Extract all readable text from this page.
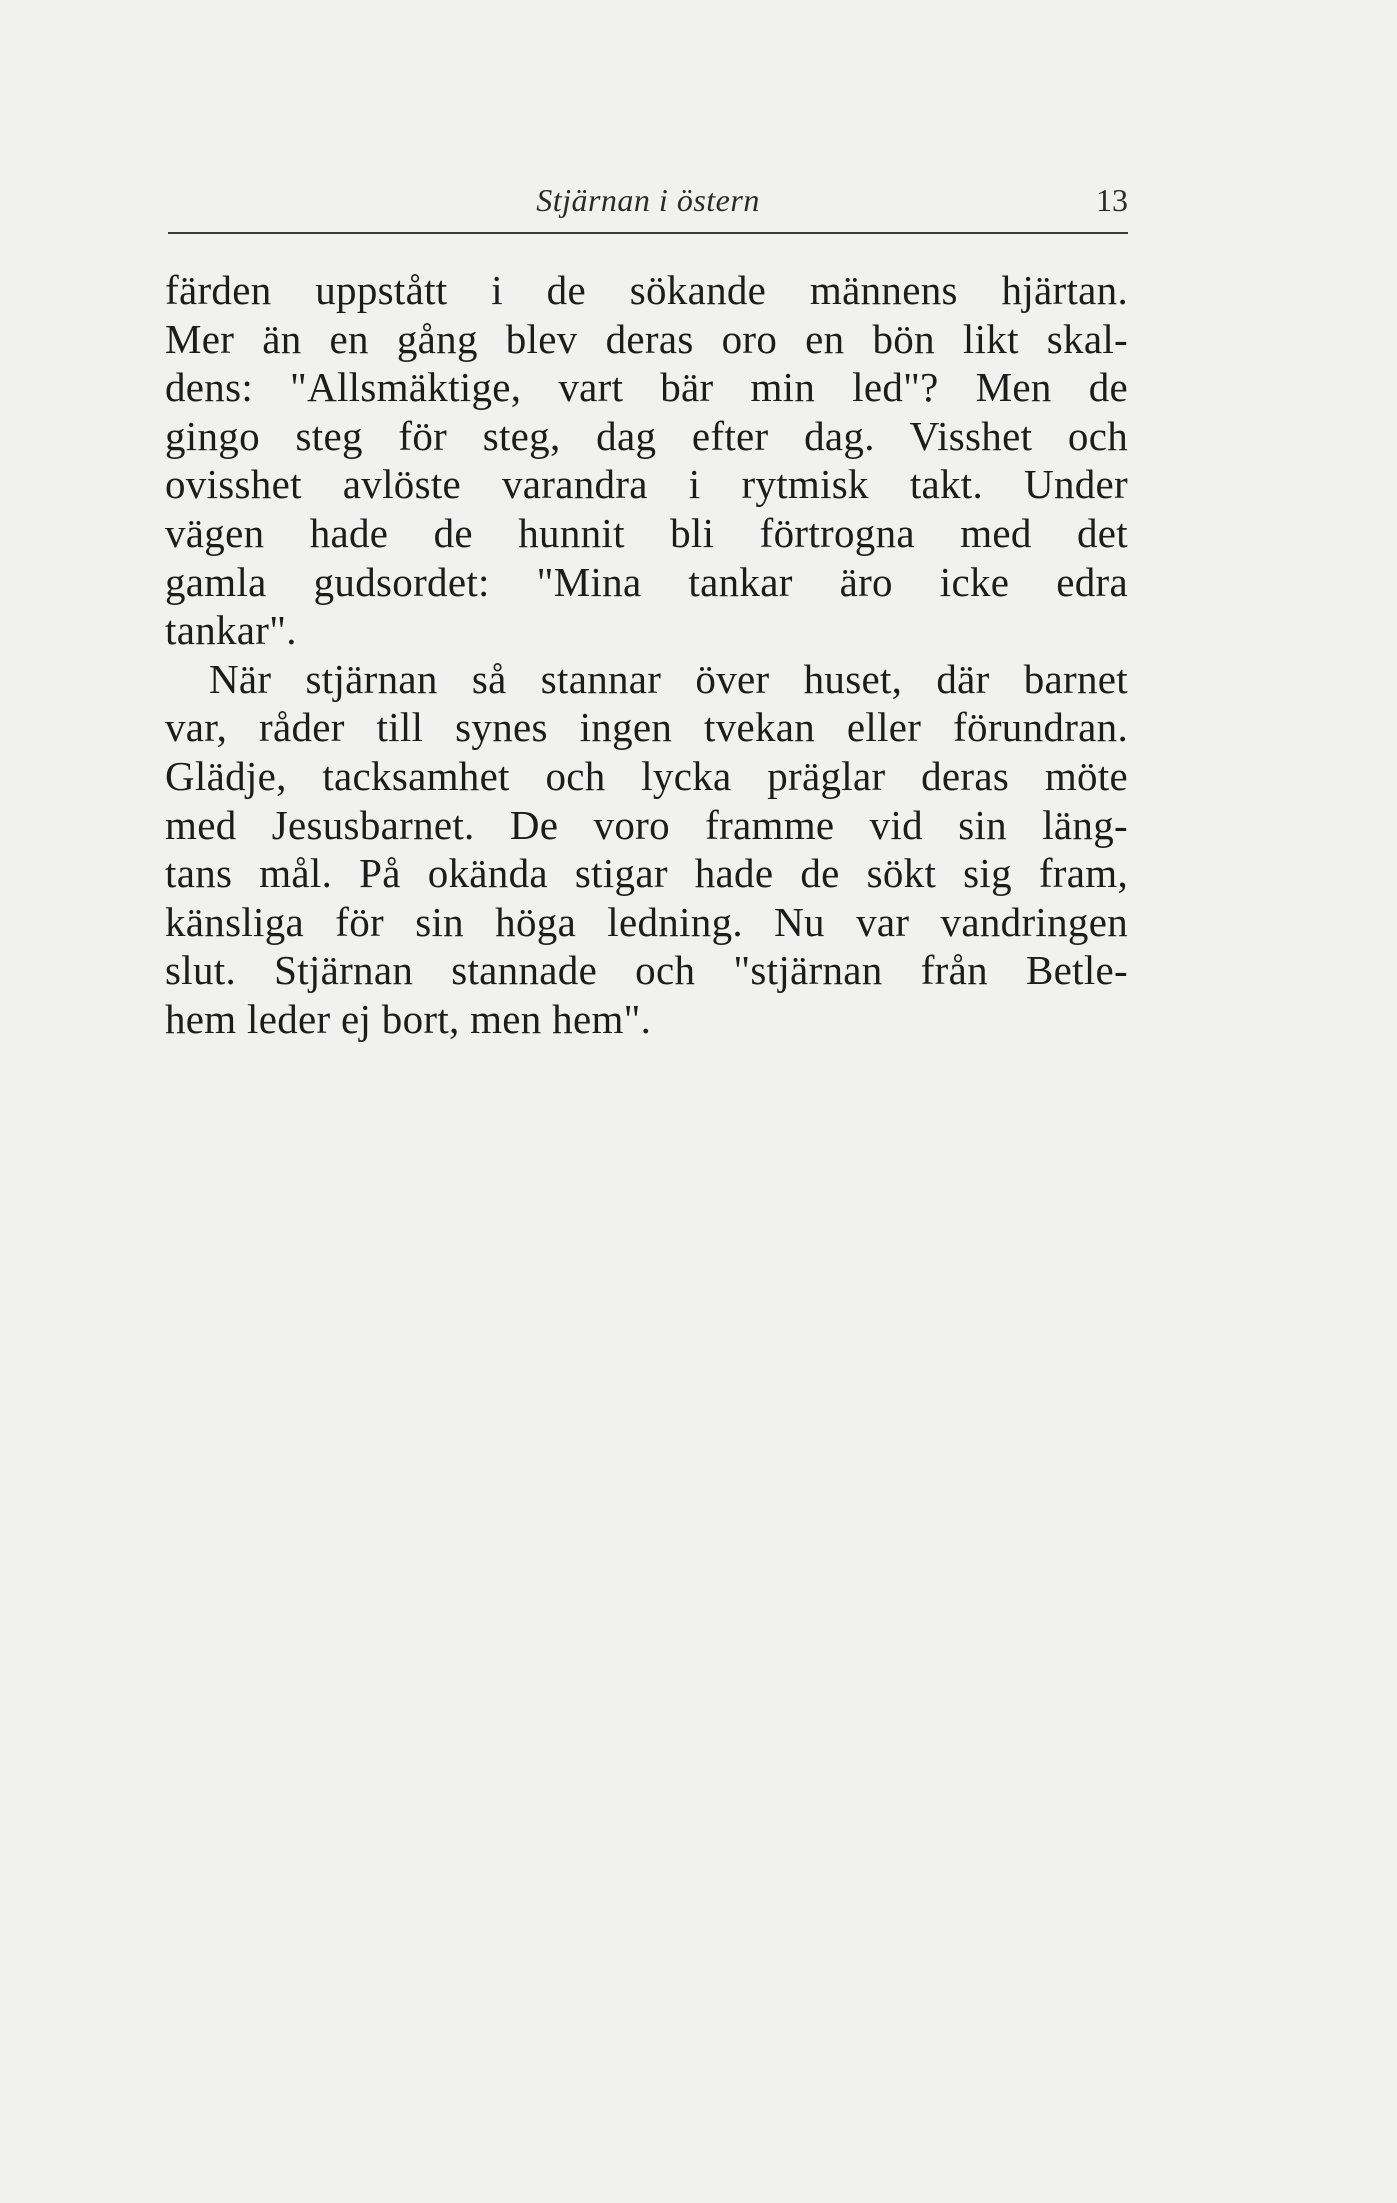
Stjärnan i östern	13
färden uppstått i de sökande männens hjärtan.
Mer än en gång blev deras oro en bön likt skal-
dens: "Allsmäktige, vart bär min led"? Men de
gingo steg för steg, dag efter dag. Visshet och
ovisshet avlöste varandra i rytmisk takt. Under
vägen hade de hunnit bli förtrogna med det
gamla gudsordet: "Mina tankar äro icke edra
tankar".
När stjärnan så stannar över huset, där barnet
var, råder till synes ingen tvekan eller förundran.
Glädje, tacksamhet och lycka präglar deras möte
med Jesusbarnet. De voro framme vid sin läng-
tans mål. På okända stigar hade de sökt sig fram,
känsliga för sin höga ledning. Nu var vandringen
slut. Stjärnan stannade och "stjärnan från Betle-
hem leder ej bort, men hem".
